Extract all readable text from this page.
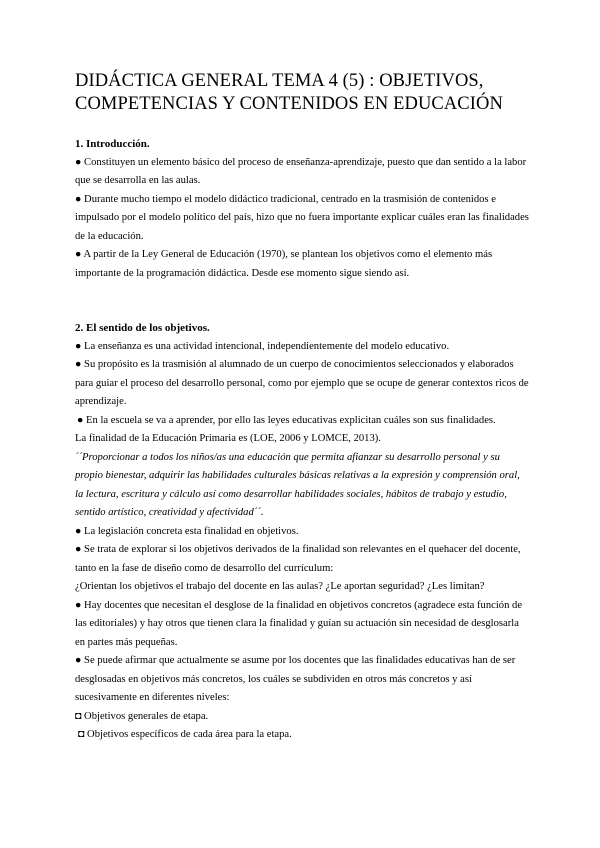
DIDÁCTICA GENERAL TEMA 4 (5) : OBJETIVOS, COMPETENCIAS Y CONTENIDOS EN EDUCACIÓN
1. Introducción.

● Constituyen un elemento básico del proceso de enseñanza-aprendizaje, puesto que dan sentido a la labor que se desarrolla en las aulas.

● Durante mucho tiempo el modelo didáctico tradicional, centrado en la trasmisión de contenidos e impulsado por el modelo político del país, hizo que no fuera importante explicar cuáles eran las finalidades de la educación.

● A partir de la Ley General de Educación (1970), se plantean los objetivos como el elemento más importante de la programación didáctica. Desde ese momento sigue siendo así.

2. El sentido de los objetivos.

● La enseñanza es una actividad intencional, independientemente del modelo educativo.

● Su propósito es la trasmisión al alumnado de un cuerpo de conocimientos seleccionados y elaborados para guiar el proceso del desarrollo personal, como por ejemplo que se ocupe de generar contextos ricos de aprendizaje.

● En la escuela se va a aprender, por ello las leyes educativas explicitan cuáles son sus finalidades.

La finalidad de la Educación Primaria es (LOE, 2006 y LOMCE, 2013).

´´Proporcionar a todos los niños/as una educación que permita afianzar su desarrollo personal y su propio bienestar, adquirir las habilidades culturales básicas relativas a la expresión y comprensión oral, la lectura, escritura y cálculo así como desarrollar habilidades sociales, hábitos de trabajo y estudio, sentido artístico, creatividad y afectividad´´.

● La legislación concreta esta finalidad en objetivos.

● Se trata de explorar si los objetivos derivados de la finalidad son relevantes en el quehacer del docente, tanto en la fase de diseño como de desarrollo del currículum:

¿Orientan los objetivos el trabajo del docente en las aulas? ¿Le aportan seguridad? ¿Les limitan?

● Hay docentes que necesitan el desglose de la finalidad en objetivos concretos (agradece esta función de las editoriales) y hay otros que tienen clara la finalidad y guían su actuación sin necesidad de desglosarla en partes más pequeñas.

● Se puede afirmar que actualmente se asume por los docentes que las finalidades educativas han de ser desglosadas en objetivos más concretos, los cuáles se subdividen en otros más concretos y así sucesivamente en diferentes niveles:

◘ Objetivos generales de etapa.

◘ Objetivos específicos de cada área para la etapa.
